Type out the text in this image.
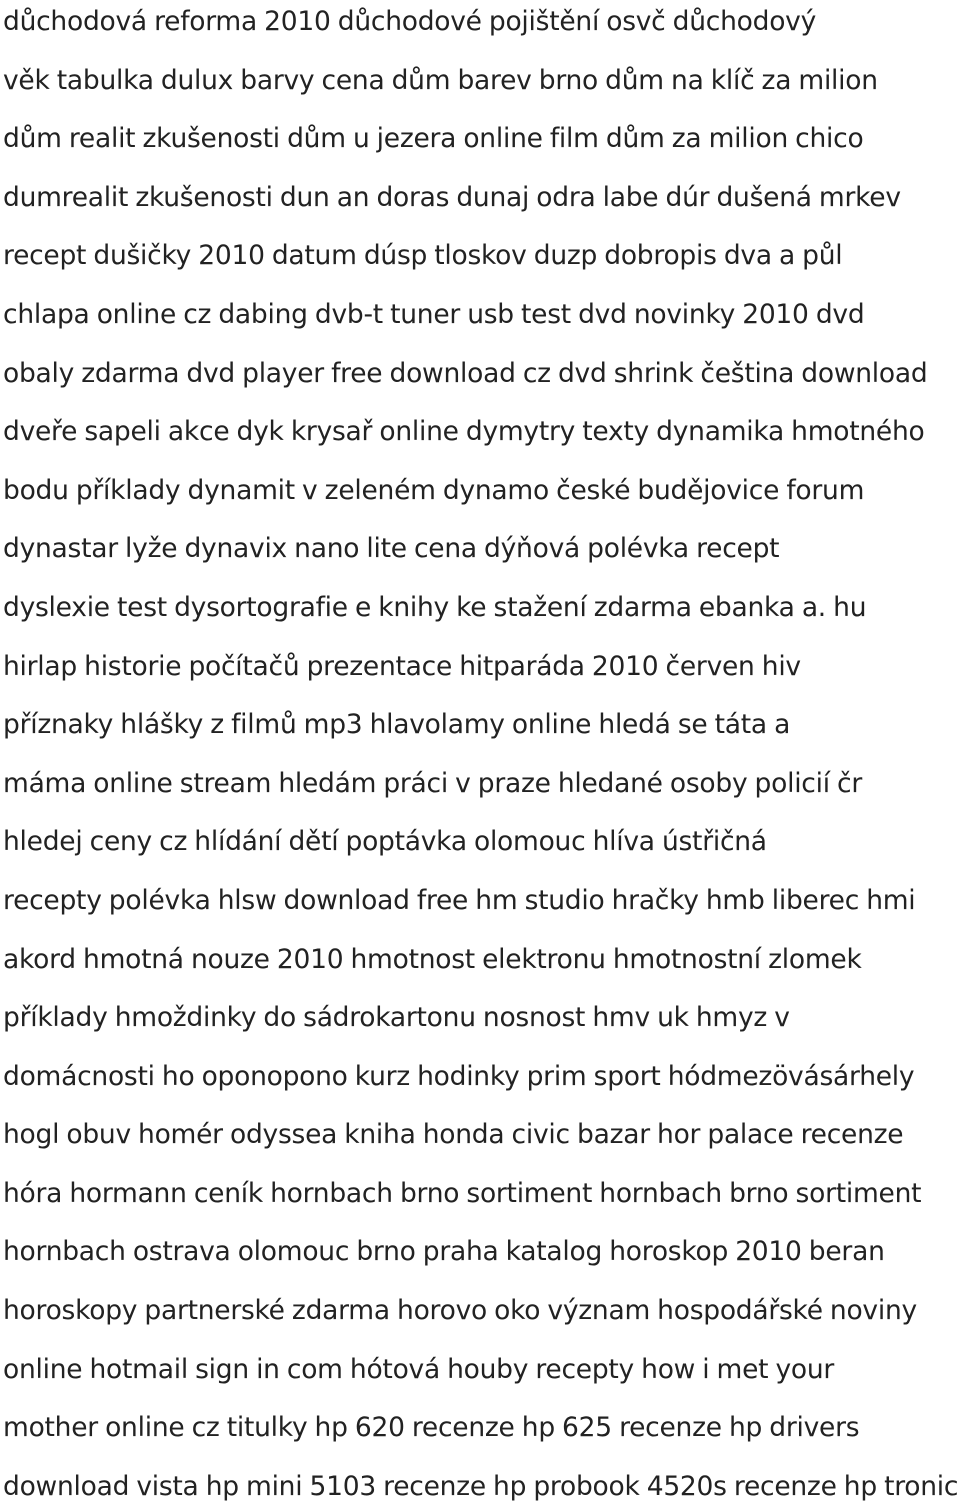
důchodová reforma 2010 důchodové pojištění osvč důchodový
věk tabulka dulux barvy cena dům barev brno dům na klíč za milion
dům realit zkušenosti dům u jezera online film dům za milion chico
dumrealit zkušenosti dun an doras dunaj odra labe dúr dušená mrkev
recept dušičky 2010 datum dúsp tloskov duzp dobropis dva a půl
chlapa online cz dabing dvb-t tuner usb test dvd novinky 2010 dvd
obaly zdarma dvd player free download cz dvd shrink čeština download
dveře sapeli akce dyk krysař online dymytry texty dynamika hmotného
bodu příklady dynamit v zeleném dynamo české budějovice forum
dynastar lyže dynavix nano lite cena dýňová polévka recept
dyslexie test dysortografie e knihy ke stažení zdarma ebanka a. hu
hirlap historie počítačů prezentace hitparáda 2010 červen hiv
příznaky hlášky z filmů mp3 hlavolamy online hledá se táta a
máma online stream hledám práci v praze hledané osoby policií čr
hledej ceny cz hlídání dětí poptávka olomouc hlíva ústřičná
recepty polévka hlsw download free hm studio hračky hmb liberec hmi
akord hmotná nouze 2010 hmotnost elektronu hmotnostní zlomek
příklady hmoždinky do sádrokartonu nosnost hmv uk hmyz v
domácnosti ho oponopono kurz hodinky prim sport hódmezövásárhely
hogl obuv homér odyssea kniha honda civic bazar hor palace recenze
hóra hormann ceník hornbach brno sortiment hornbach brno sortiment
hornbach ostrava olomouc brno praha katalog horoskop 2010 beran
horoskopy partnerské zdarma horovo oko význam hospodářské noviny
online hotmail sign in com hótová houby recepty how i met your
mother online cz titulky hp 620 recenze hp 625 recenze hp drivers
download vista hp mini 5103 recenze hp probook 4520s recenze hp tronic
